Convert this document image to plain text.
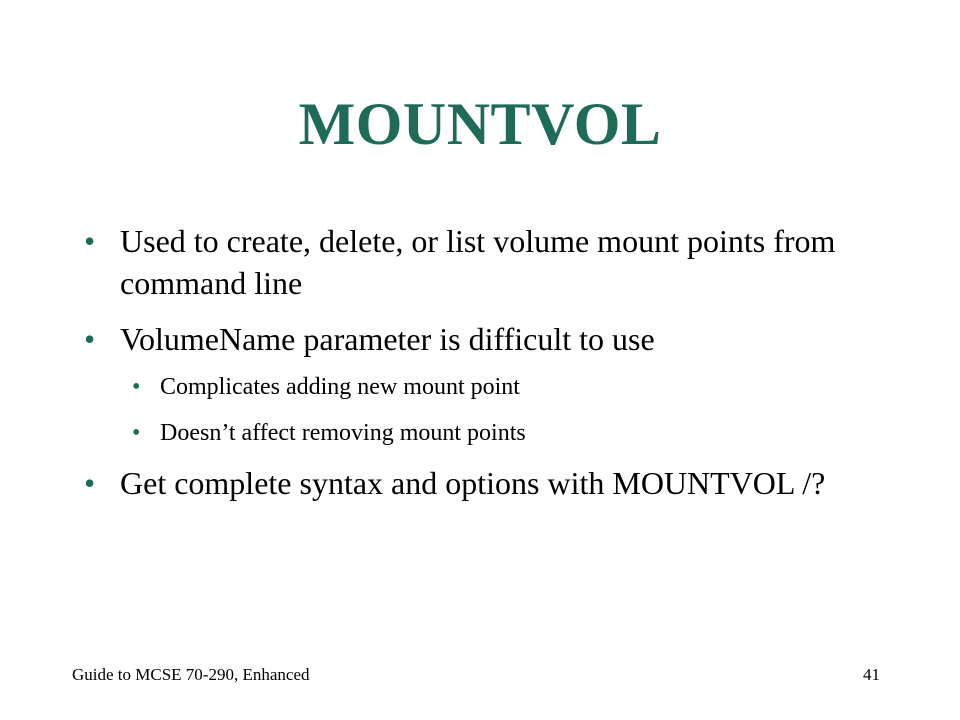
MOUNTVOL
• Used to create, delete, or list volume mount points from command line
• VolumeName parameter is difficult to use
• Complicates adding new mount point
• Doesn’t affect removing mount points
• Get complete syntax and options with MOUNTVOL /?
Guide to MCSE 70-290, Enhanced	41
